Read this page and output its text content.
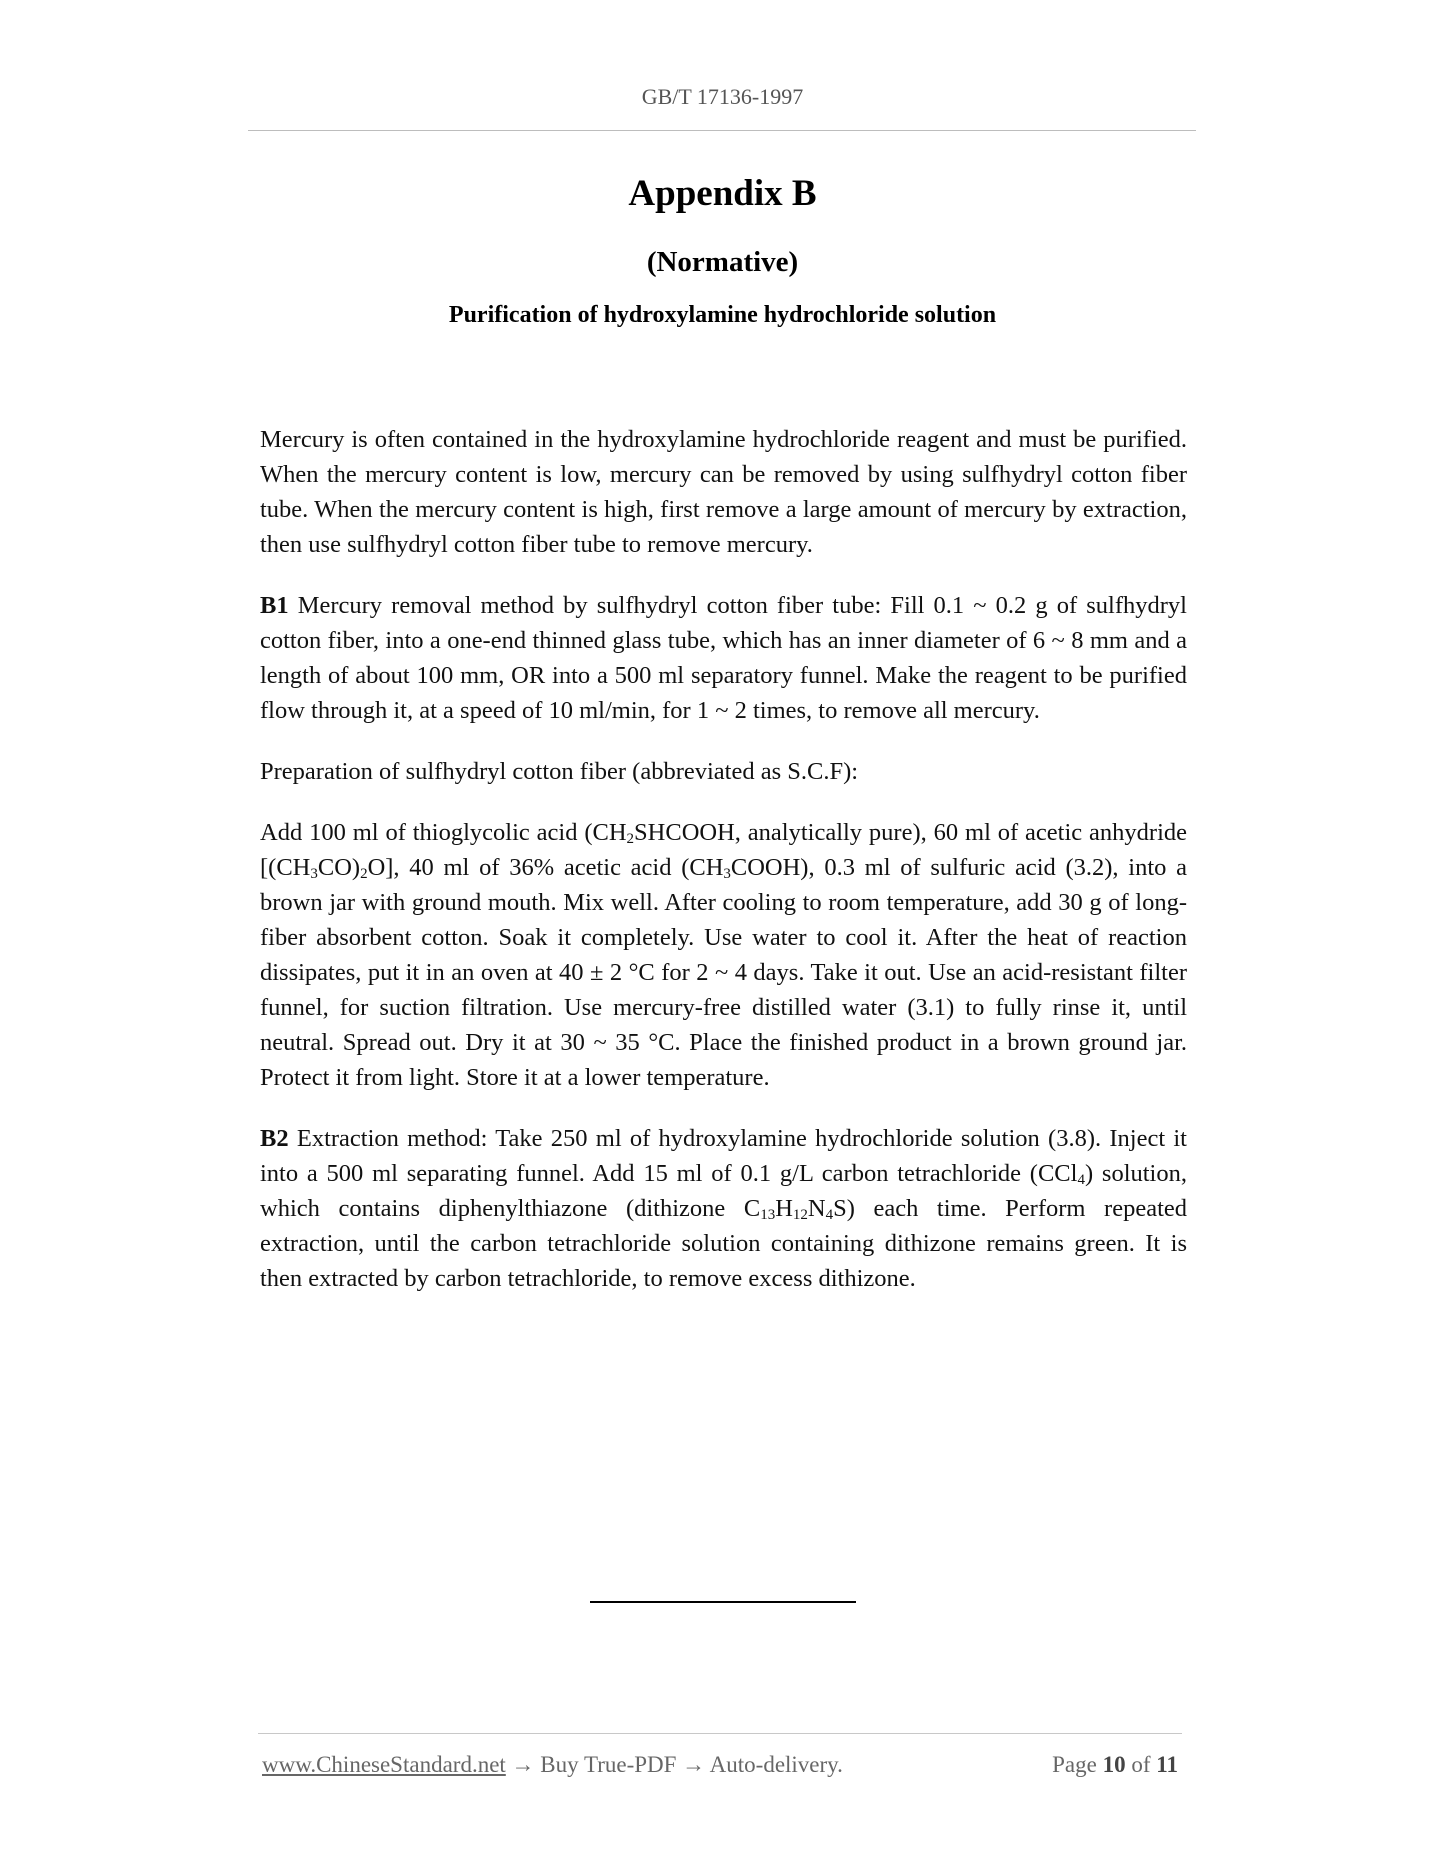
GB/T 17136-1997
Appendix B
(Normative)
Purification of hydroxylamine hydrochloride solution

Mercury is often contained in the hydroxylamine hydrochloride reagent and must be purified. When the mercury content is low, mercury can be removed by using sulfhydryl cotton fiber tube. When the mercury content is high, first remove a large amount of mercury by extraction, then use sulfhydryl cotton fiber tube to remove mercury.

B1 Mercury removal method by sulfhydryl cotton fiber tube: Fill 0.1 ~ 0.2 g of sulfhydryl cotton fiber, into a one-end thinned glass tube, which has an inner diameter of 6 ~ 8 mm and a length of about 100 mm, OR into a 500 ml separatory funnel. Make the reagent to be purified flow through it, at a speed of 10 ml/min, for 1 ~ 2 times, to remove all mercury.

Preparation of sulfhydryl cotton fiber (abbreviated as S.C.F):

Add 100 ml of thioglycolic acid ($CH_2SHCOOH$, analytically pure), 60 ml of acetic anhydride $[(CH_3CO)_2O]$, 40 ml of 36% acetic acid $(CH_3COOH)$, 0.3 ml of sulfuric acid (3.2), into a brown jar with ground mouth. Mix well. After cooling to room temperature, add 30 g of long-fiber absorbent cotton. Soak it completely. Use water to cool it. After the heat of reaction dissipates, put it in an oven at 40 ± 2 °C for 2 ~ 4 days. Take it out. Use an acid-resistant filter funnel, for suction filtration. Use mercury-free distilled water (3.1) to fully rinse it, until neutral. Spread out. Dry it at 30 ~ 35 °C. Place the finished product in a brown ground jar. Protect it from light. Store it at a lower temperature.

B2 Extraction method: Take 250 ml of hydroxylamine hydrochloride solution (3.8). Inject it into a 500 ml separating funnel. Add 15 ml of 0.1 g/L carbon tetrachloride (CCl$_4$) solution, which contains diphenylthiazone (dithizone $C_{13}H_{12}N_4S$) each time. Perform repeated extraction, until the carbon tetrachloride solution containing dithizone remains green. It is then extracted by carbon tetrachloride, to remove excess dithizone.

www.ChineseStandard.net → Buy True-PDF → Auto-delivery.	Page 10 of 11
